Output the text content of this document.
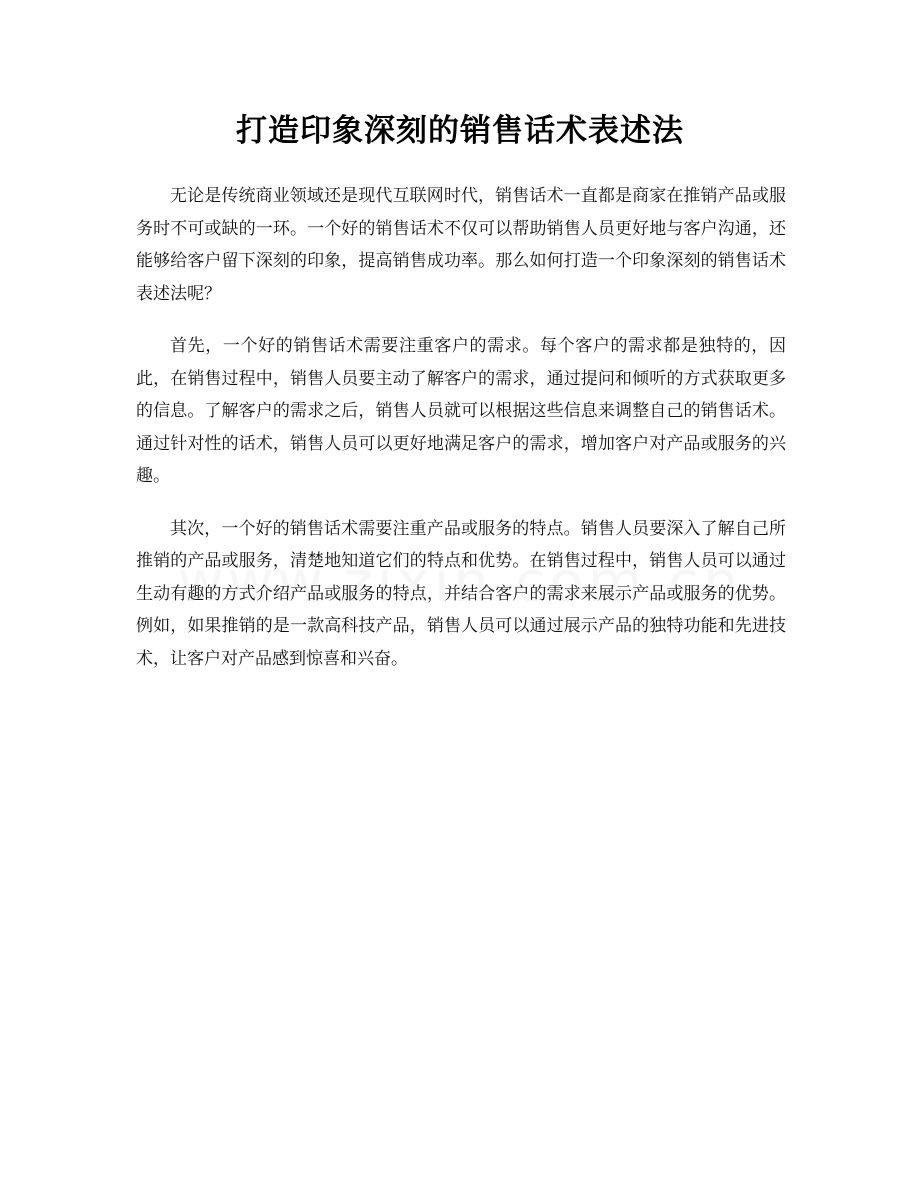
打造印象深刻的销售话术表述法

无论是传统商业领域还是现代互联网时代，销售话术一直都是商家在推销产品或服务时不可或缺的一环。一个好的销售话术不仅可以帮助销售人员更好地与客户沟通，还能够给客户留下深刻的印象，提高销售成功率。那么如何打造一个印象深刻的销售话术表述法呢？

首先，一个好的销售话术需要注重客户的需求。每个客户的需求都是独特的，因此，在销售过程中，销售人员要主动了解客户的需求，通过提问和倾听的方式获取更多的信息。了解客户的需求之后，销售人员就可以根据这些信息来调整自己的销售话术。通过针对性的话术，销售人员可以更好地满足客户的需求，增加客户对产品或服务的兴趣。

其次，一个好的销售话术需要注重产品或服务的特点。销售人员要深入了解自己所推销的产品或服务，清楚地知道它们的特点和优势。在销售过程中，销售人员可以通过生动有趣的方式介绍产品或服务的特点，并结合客户的需求来展示产品或服务的优势。例如，如果推销的是一款高科技产品，销售人员可以通过展示产品的独特功能和先进技术，让客户对产品感到惊喜和兴奋。
